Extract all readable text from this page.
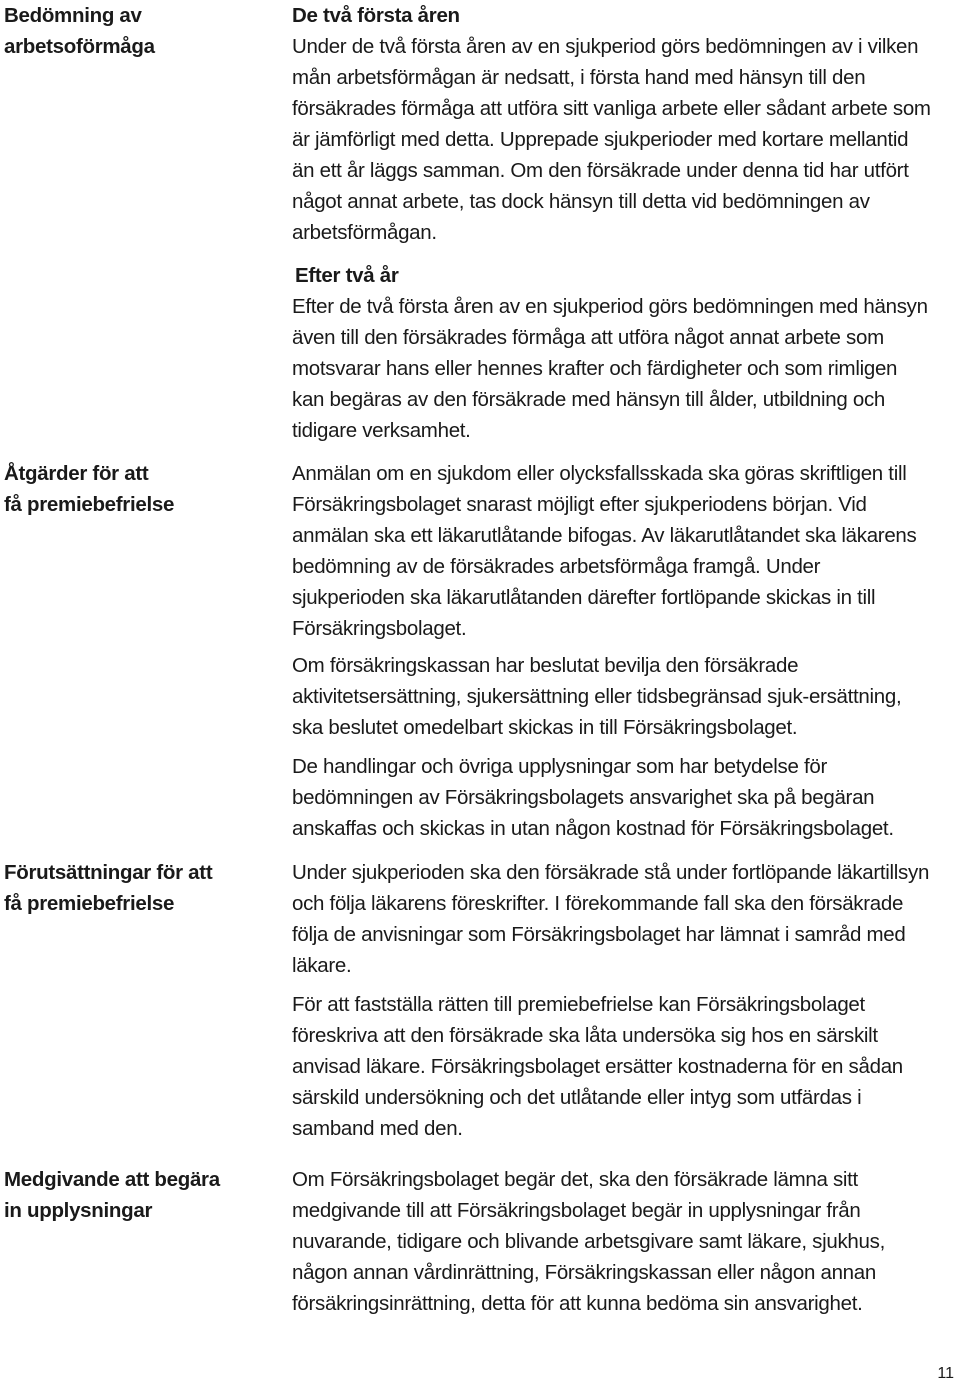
Bedömning av
arbetsoförmåga
De två första åren

Under de två första åren av en sjukperiod görs bedömningen av i vilken mån arbetsförmågan är nedsatt, i första hand med hänsyn till den försäkrades förmåga att utföra sitt vanliga arbete eller sådant arbete som är jämförligt med detta. Upprepade sjukperioder med kortare mellantid än ett år läggs samman. Om den försäkrade under denna tid har utfört något annat arbete, tas dock hänsyn till detta vid bedömningen av arbetsförmågan.

Efter två år

Efter de två första åren av en sjukperiod görs bedömningen med hänsyn även till den försäkrades förmåga att utföra något annat arbete som motsvarar hans eller hennes krafter och färdigheter och som rimligen kan begäras av den försäkrade med hänsyn till ålder, utbildning och tidigare verksamhet.

Åtgärder för att
få premiebefrielse

Anmälan om en sjukdom eller olycksfallsskada ska göras skriftligen till Försäkringsbolaget snarast möjligt efter sjukperiodens början. Vid anmälan ska ett läkarutlåtande bifogas. Av läkarutlåtandet ska läkarens bedömning av de försäkrades arbetsförmåga framgå. Under sjukperioden ska läkarutlåtanden därefter fortlöpande skickas in till Försäkringsbolaget.

Om försäkringskassan har beslutat bevilja den försäkrade aktivitetsersättning, sjukersättning eller tidsbegränsad sjuk-ersättning, ska beslutet omedelbart skickas in till Försäkringsbolaget.

De handlingar och övriga upplysningar som har betydelse för bedömningen av Försäkringsbolagets ansvarighet ska på begäran anskaffas och skickas in utan någon kostnad för Försäkringsbolaget.

Förutsättningar för att
få premiebefrielse

Under sjukperioden ska den försäkrade stå under fortlöpande läkartillsyn och följa läkarens föreskrifter. I förekommande fall ska den försäkrade följa de anvisningar som Försäkringsbolaget har lämnat i samråd med läkare.

För att fastställa rätten till premiebefrielse kan Försäkringsbolaget föreskriva att den försäkrade ska låta undersöka sig hos en särskilt anvisad läkare. Försäkringsbolaget ersätter kostnaderna för en sådan särskild undersökning och det utlåtande eller intyg som utfärdas i samband med den.

Medgivande att begära
in upplysningar

Om Försäkringsbolaget begär det, ska den försäkrade lämna sitt medgivande till att Försäkringsbolaget begär in upplysningar från nuvarande, tidigare och blivande arbetsgivare samt läkare, sjukhus, någon annan vårdinrättning, Försäkringskassan eller någon annan försäkringsinrättning, detta för att kunna bedöma sin ansvarighet.

11
